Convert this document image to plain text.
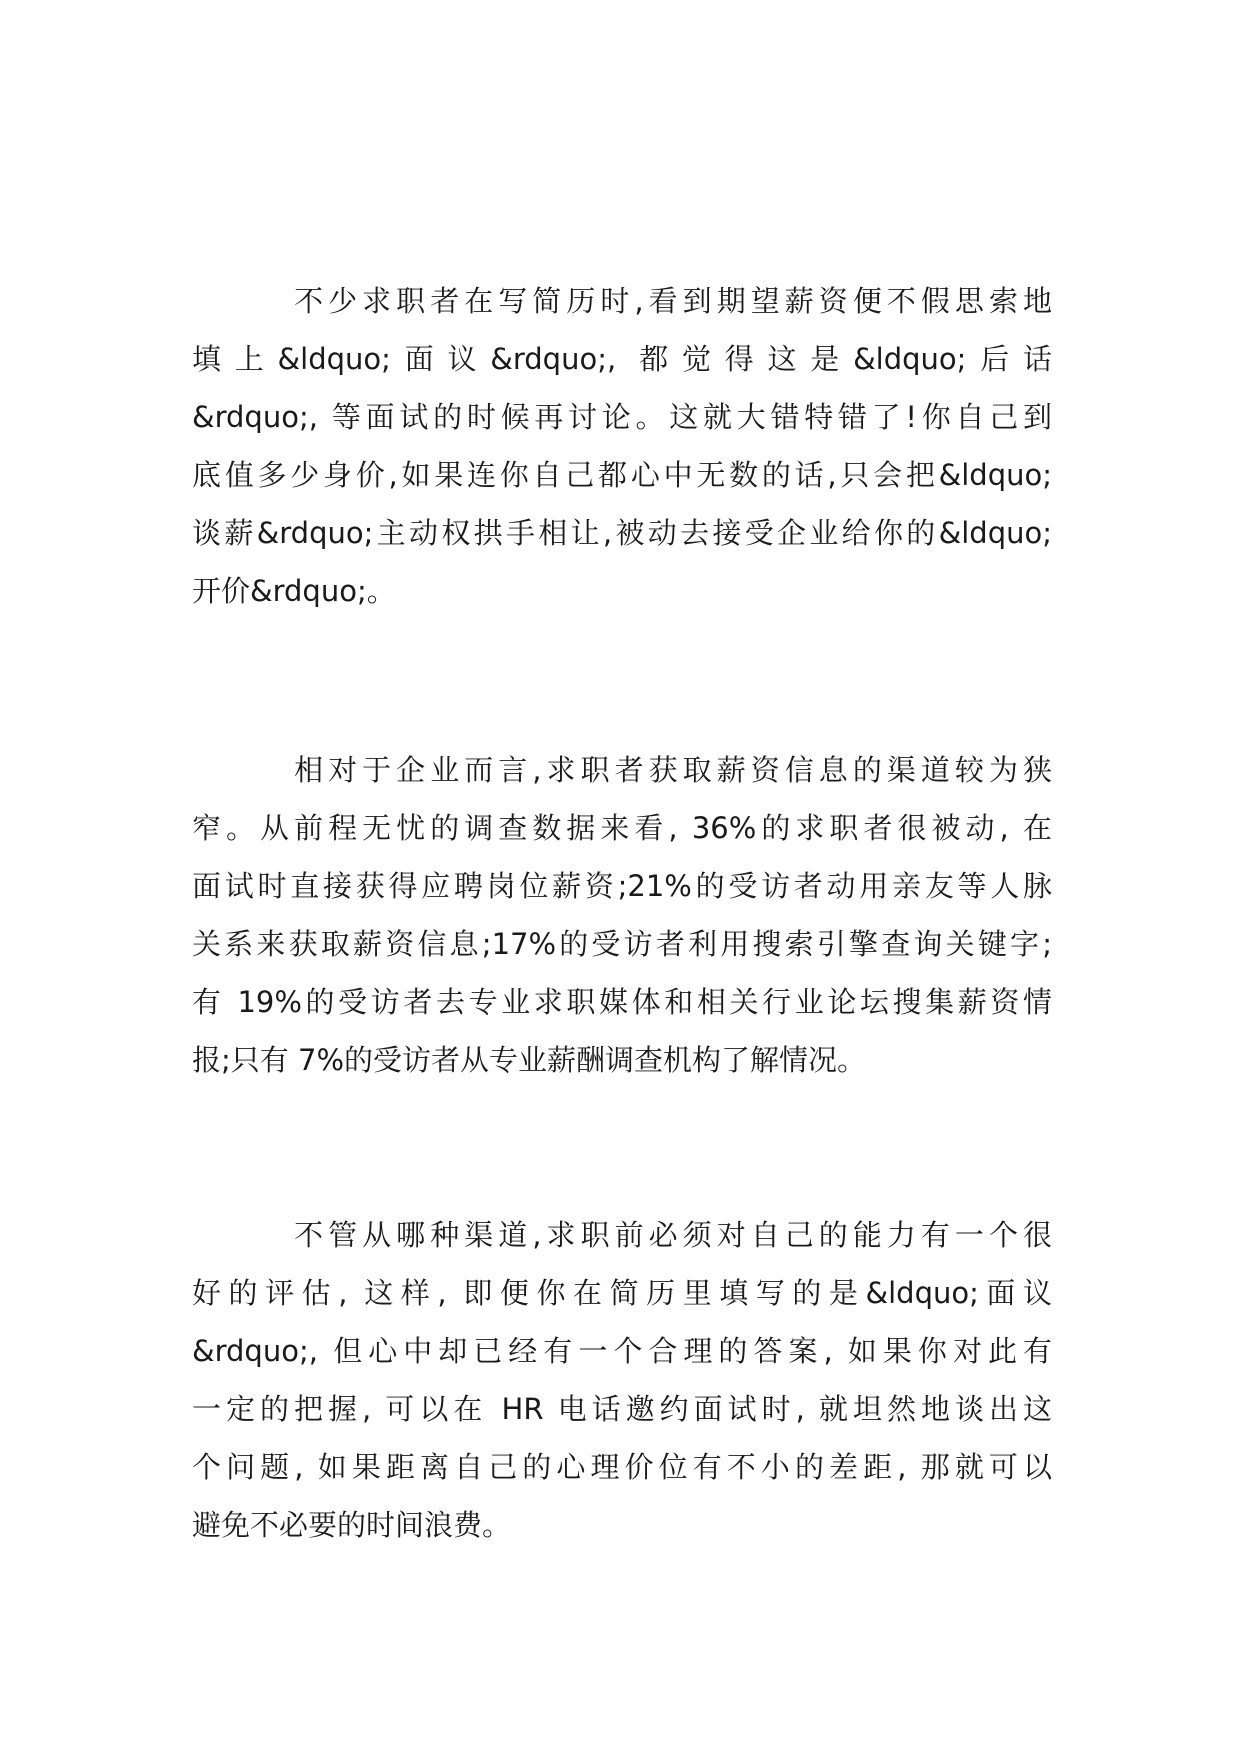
　　　不少求职者在写简历时,看到期望薪资便不假思索地
填上&ldquo;面议&rdquo;, 都觉得这是&ldquo;后话
&rdquo;, 等面试的时候再讨论。这就大错特错了!你自己到
底值多少身价,如果连你自己都心中无数的话,只会把&ldquo;
谈薪&rdquo;主动权拱手相让,被动去接受企业给你的&ldquo;
开价&rdquo;。
　　　相对于企业而言,求职者获取薪资信息的渠道较为狭
窄。从前程无忧的调查数据来看, 36%的求职者很被动, 在
面试时直接获得应聘岗位薪资;21%的受访者动用亲友等人脉
关系来获取薪资信息;17%的受访者利用搜索引擎查询关键字;
有 19%的受访者去专业求职媒体和相关行业论坛搜集薪资情
报;只有 7%的受访者从专业薪酬调查机构了解情况。
　　　不管从哪种渠道,求职前必须对自己的能力有一个很
好的评估, 这样, 即便你在简历里填写的是&ldquo;面议
&rdquo;, 但心中却已经有一个合理的答案, 如果你对此有
一定的把握, 可以在 HR 电话邀约面试时, 就坦然地谈出这
个问题, 如果距离自己的心理价位有不小的差距, 那就可以
避免不必要的时间浪费。
